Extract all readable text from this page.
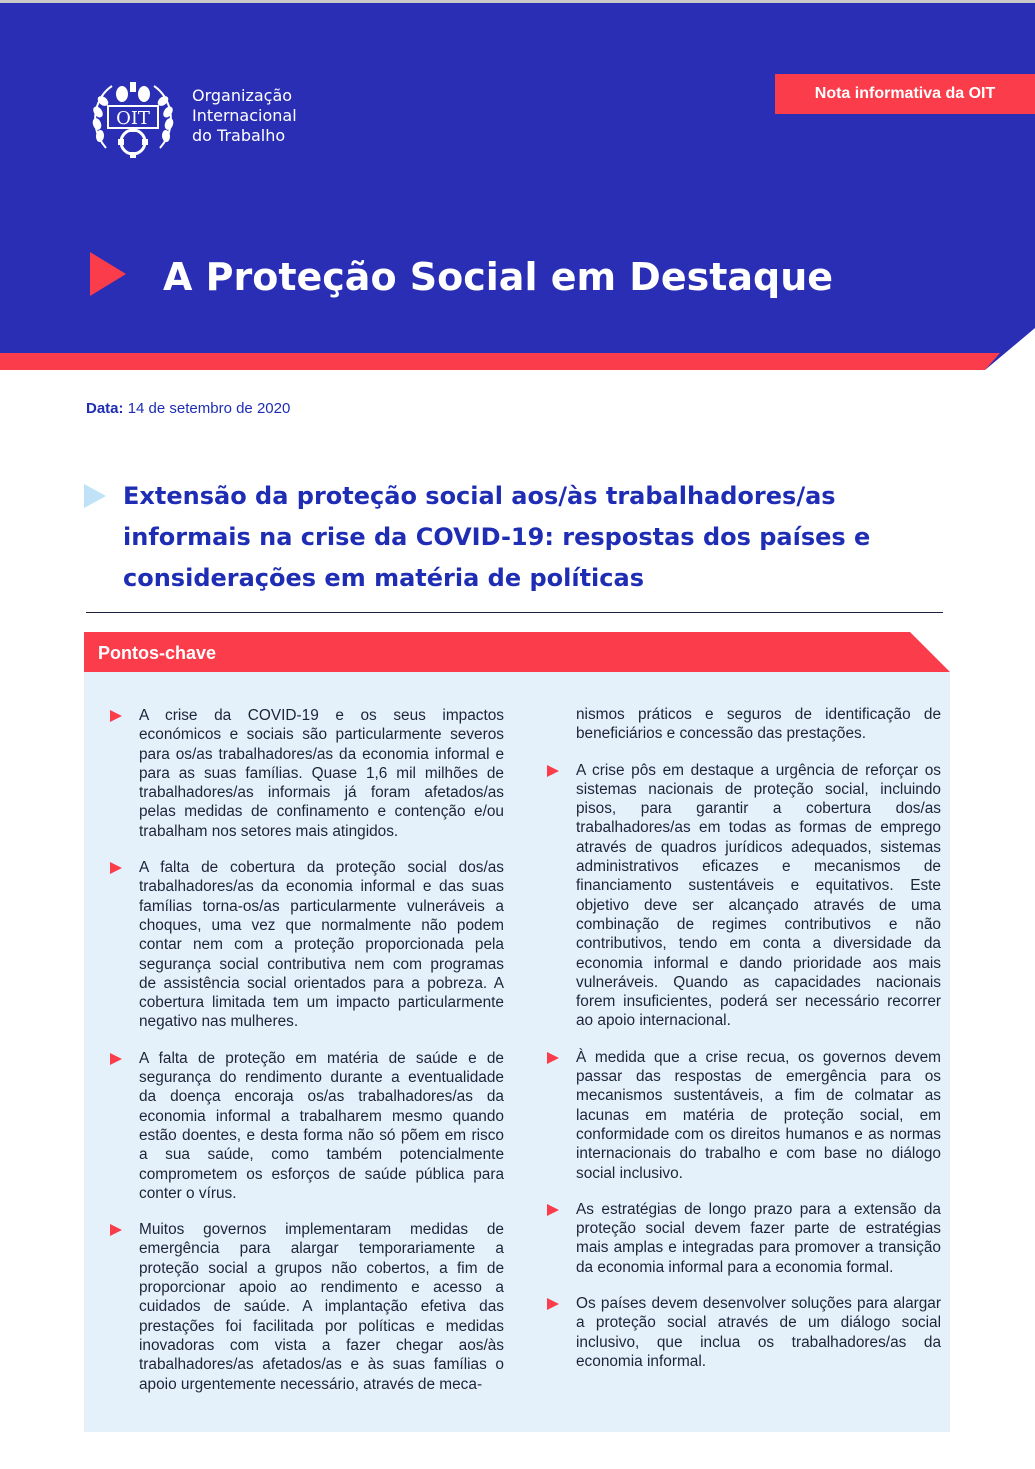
OIT
Organização
Internacional
do Trabalho
Nota informativa da OIT
A Proteção Social em Destaque
Data: 14 de setembro de 2020
Extensão da proteção social aos/às trabalhadores/as informais na crise da COVID-19: respostas dos países e considerações em matéria de políticas
Pontos-chave
A crise da COVID-19 e os seus impactos económicos e sociais são particularmente severos para os/as trabalhadores/as da economia informal e para as suas famílias. Quase 1,6 mil milhões de trabalhadores/as informais já foram afetados/as pelas medidas de confinamento e contenção e/ou trabalham nos setores mais atingidos.
A falta de cobertura da proteção social dos/as trabalhadores/as da economia informal e das suas famílias torna-os/as particularmente vulneráveis a choques, uma vez que normalmente não podem contar nem com a proteção proporcionada pela segurança social contributiva nem com programas de assistência social orientados para a pobreza. A cobertura limitada tem um impacto particularmente negativo nas mulheres.
A falta de proteção em matéria de saúde e de segurança do rendimento durante a eventualidade da doença encoraja os/as trabalhadores/as da economia informal a trabalharem mesmo quando estão doentes, e desta forma não só põem em risco a sua saúde, como também potencialmente comprometem os esforços de saúde pública para conter o vírus.
Muitos governos implementaram medidas de emergência para alargar temporariamente a proteção social a grupos não cobertos, a fim de proporcionar apoio ao rendimento e acesso a cuidados de saúde. A implantação efetiva das prestações foi facilitada por políticas e medidas inovadoras com vista a fazer chegar aos/às trabalhadores/as afetados/as e às suas famílias o apoio urgentemente necessário, através de meca-
nismos práticos e seguros de identificação de beneficiários e concessão das prestações.
A crise pôs em destaque a urgência de reforçar os sistemas nacionais de proteção social, incluindo pisos, para garantir a cobertura dos/as trabalhadores/as em todas as formas de emprego através de quadros jurídicos adequados, sistemas administrativos eficazes e mecanismos de financiamento sustentáveis e equitativos. Este objetivo deve ser alcançado através de uma combinação de regimes contributivos e não contributivos, tendo em conta a diversidade da economia informal e dando prioridade aos mais vulneráveis. Quando as capacidades nacionais forem insuficientes, poderá ser necessário recorrer ao apoio internacional.
À medida que a crise recua, os governos devem passar das respostas de emergência para os mecanismos sustentáveis, a fim de colmatar as lacunas em matéria de proteção social, em conformidade com os direitos humanos e as normas internacionais do trabalho e com base no diálogo social inclusivo.
As estratégias de longo prazo para a extensão da proteção social devem fazer parte de estratégias mais amplas e integradas para promover a transição da economia informal para a economia formal.
Os países devem desenvolver soluções para alargar a proteção social através de um diálogo social inclusivo, que inclua os trabalhadores/as da economia informal.
